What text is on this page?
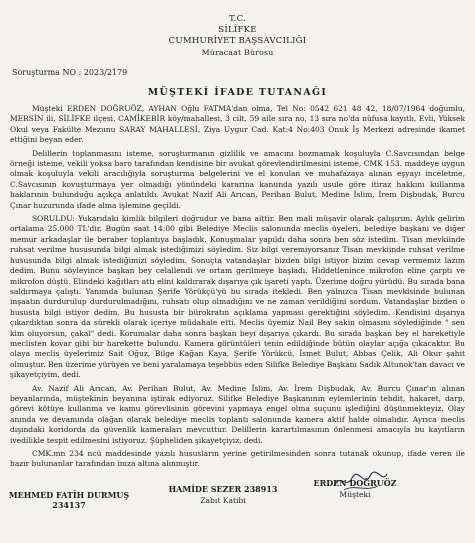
T.C.
SİLİFKE
CUMHURİYET BAŞSAVCILIĞI
Müracaat Bürosu
Soruşturma NO : 2023/2179
MÜŞTEKİ İFADE TUTANAĞI

Müşteki ERDEN DOĞRUÖZ, AYHAN Oğlu FATMA'dan olma, Tel No: 0542 621 48 42, 18/07/1964 doğumlu, MERSİN ili, SİLİFKE ilçesi, CAMİKEBİR köy/mahallesi, 3 cilt, 59 aile sıra no, 13 sıra no'da nüfusa kayıtlı, Evli, Yüksek Okul veya Fakülte Mezunu SARAY MAHALLESİ, Ziya Uygur Cad. Kat:4 No:403 Onuk İş Merkezi adresinde ikamet ettiğini beyan eder.

Delillerin toplanmasını isteme, soruşturmanın gizlilik ve amacını bozmamak koşuluyla C.Savcısından belge örneği isteme, vekili yoksa baro tarafından kendisine bir avukat görevlendirilmesini isteme, CMK 153. maddeye uygun olmak koşuluyla vekili aracılığıyla soruşturma belgelerini ve el konulan ve muhafazaya alınan eşyayı inceletme, C.Savcısının kovuşturmaya yer olmadığı yönündeki kararına kanunda yazılı usule göre itiraz hakkını kullanma haklarının bulunduğu açıkça anlatıldı. Avukat Nazif Ali Arıcan, Perihan Bulut, Medine İslim, İrem Dişbudak, Burcu Çınar huzurunda ifade alma işlemine geçildi.

SORULDU: Yukarıdaki kimlik bilgileri doğrudur ve bana aittir. Ben mali müşavir olarak çalışırım. Aylık gelirim ortalama 25.000 TL'dir. Bugün saat 14:00 gibi Belediye Meclis salonunda meclis üyeleri, belediye başkanı ve diğer memur arkadaşlar ile beraber toplantıya başladık. Konuşmalar yapıldı daha sonra ben söz istedim. Tisan mevkiinde ruhsat verilme hususunda bilgi almak istediğimizi söyledim. Siz bilgi veremiyorsanız Tisan mevkiinde ruhsat verilme hususunda bilgi almak istediğimizi söyledim. Sonuçta vatandaşlar bizden bilgi istiyor bizim cevap vermemiz lazım dedim. Bunu söyleyince başkan bey celallendi ve ortam gerilmeye başladı. Hiddetlenince mikrofon eline çarptı ve mikrofon düştü. Elindeki kağıtları attı elini kaldırarak dışarıya çık işareti yaptı. Üzerime doğru yürüdü. Bu sırada bana saldırmaya çalıştı. Yanımda bulunan Şerife Yörükçü'yü bu sırada itekledi. Ben yalnızca Tisan mevkisinde bulunan inşaatın durdurulup durdurulmadığını, ruhsatı olup olmadığını ve ne zaman verildiğini sordum. Vatandaşlar bizden o hususta bilgi istiyor dedim. Bu hususta bir bürokratın açıklama yapması gerektiğini söyledim. Kendisini dışarıya çıkardıktan sonra da sürekli olarak içeriye müdahale etti. Meclis üyemiz Nail Bey sakin olmasını söylediğinde " sen kim oluyorsun, çakal" dedi. Korumalar daha sonra başkan beyi dışarıya çıkardı. Bu sırada başkan bey el hareketiyle meclisten kovar gibi bir harekette bulundu. Kamera görüntüleri tenin edildiğinde bütün olaylar açığa çıkacaktır. Bu olaya meclis üyelerimiz Sait Oğuz, Bilge Kağan Kaya, Şerife Yörükcü, İsmet Bulut, Abbas Çelik, Ali Okur şahit olmuştur. Ben üzerime yürüyen ve beni yaralamaya teşebbüs eden Silifke Belediye Başkanı Sadık Altunok'tan davacı ve şikayetçiyim, dedi.

Av. Nazif Ali Arıcan, Av. Perihan Bulut, Av. Medine İslim, Av. İrem Dişbudak, Av. Burcu Çınar'ın alınan beyanlarında, müştekinin beyanına iştirak ediyoruz. Silifke Belediye Başkanının eylemlerinin tehdit, hakaret, darp, görevi kötüye kullanma ve kamu görevlisinin görevini yapmaya engel olma suçunu işlediğini düşünmekteyiz. Olay anında ve devamında olağan olarak belediye meclis toplantı salonunda kamera aktif halde olmalıdır. Ayrıca meclis dışındaki koridorda da güvenlik kameraları mevcuttur. Delillerin karartılmasının önlenmesi amacıyla bu kayıtların ivedilikle tespit edilmesini istiyoruz. Şüpheliden şikayetçiyiz, dedi.

CMK.mn 234 ncü maddesinde yazılı hususların yerine getirilmesinden sonra tutanak okunup, ifade veren ile hazır bulunanlar tarafından imza altına alınmıştır.

MEHMED FATİH DURMUŞ
234137
HAMİDE SEZER 238913
Zabıt Katibi
ERDEN DOĞRUÖZ
Müşteki
